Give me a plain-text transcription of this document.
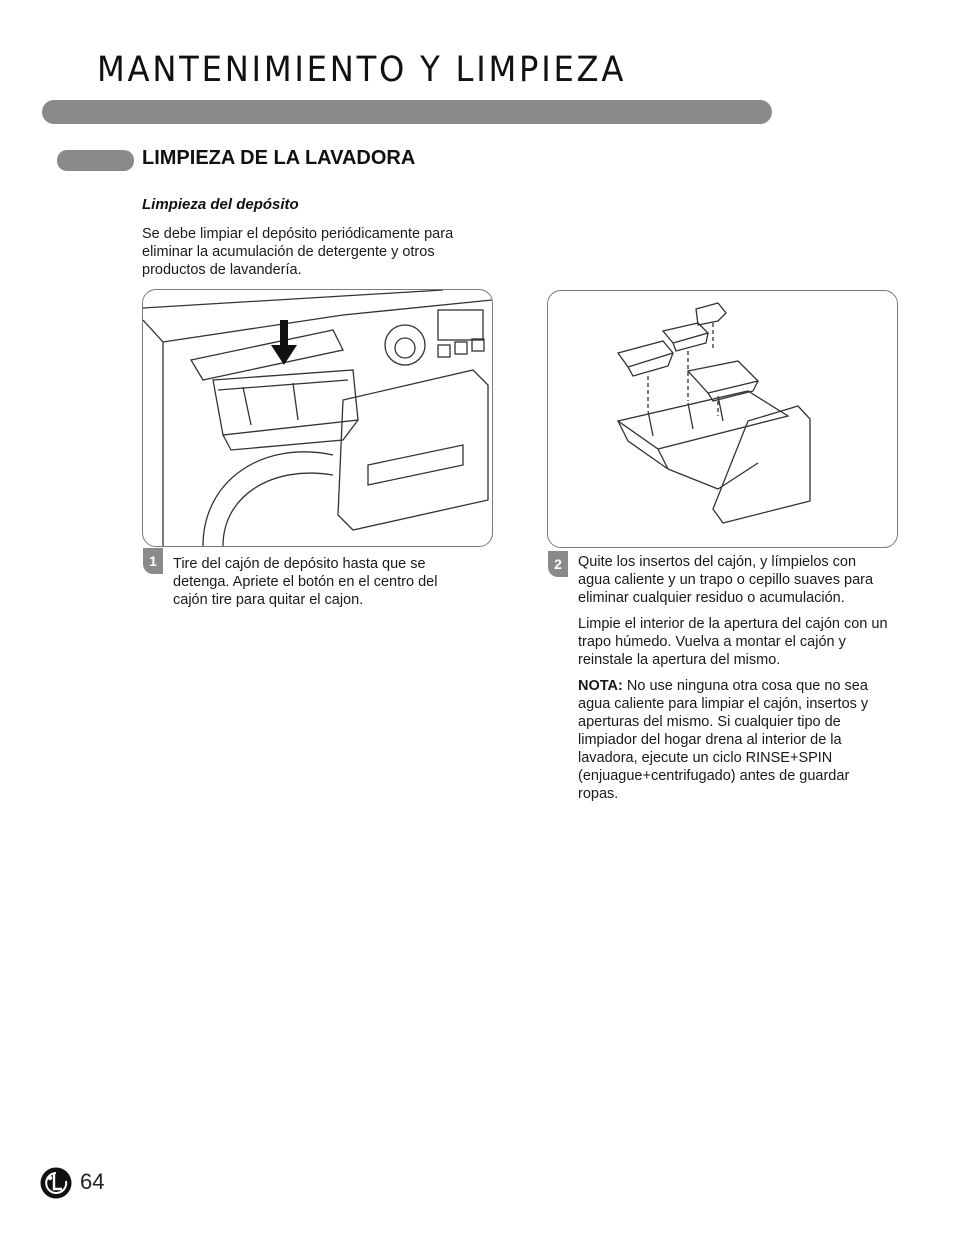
MANTENIMIENTO Y LIMPIEZA
LIMPIEZA DE LA LAVADORA
Limpieza del depósito
Se debe limpiar el depósito periódicamente para eliminar la acumulación de detergente y otros productos de lavandería.
1	Tire del cajón de depósito hasta que se detenga. Apriete el botón en el centro del cajón tire para quitar el cajon.
2	Quite los insertos del cajón, y límpielos con agua caliente y un trapo o cepillo suaves para eliminar cualquier residuo o acumulación.

Limpie el interior de la apertura del cajón con un trapo húmedo. Vuelva a montar el cajón y reinstale la apertura del mismo.

NOTA: No use ninguna otra cosa que no sea agua caliente para limpiar el cajón, insertos y aperturas del mismo. Si cualquier tipo de limpiador del hogar drena al interior de la lavadora, ejecute un ciclo RINSE+SPIN (enjuague+centrifugado) antes de guardar ropas.

64
